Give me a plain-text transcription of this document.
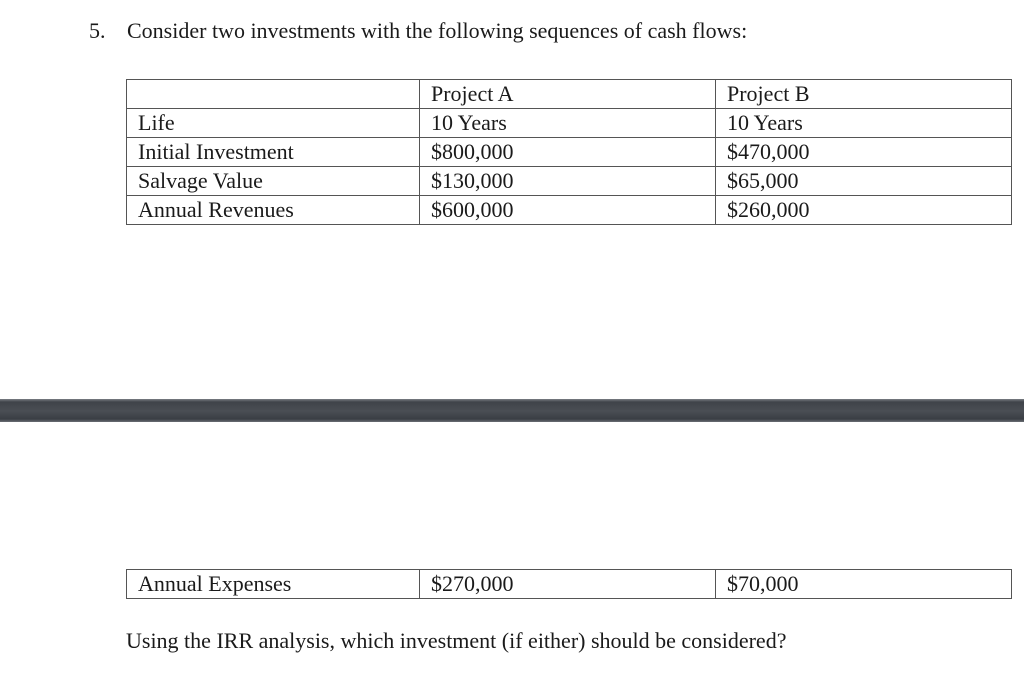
5. Consider two investments with the following sequences of cash flows:
	Project A	Project B
Life	10 Years	10 Years
Initial Investment	$800,000	$470,000
Salvage Value	$130,000	$65,000
Annual Revenues	$600,000	$260,000
Annual Expenses	$270,000	$70,000
Using the IRR analysis, which investment (if either) should be considered?
